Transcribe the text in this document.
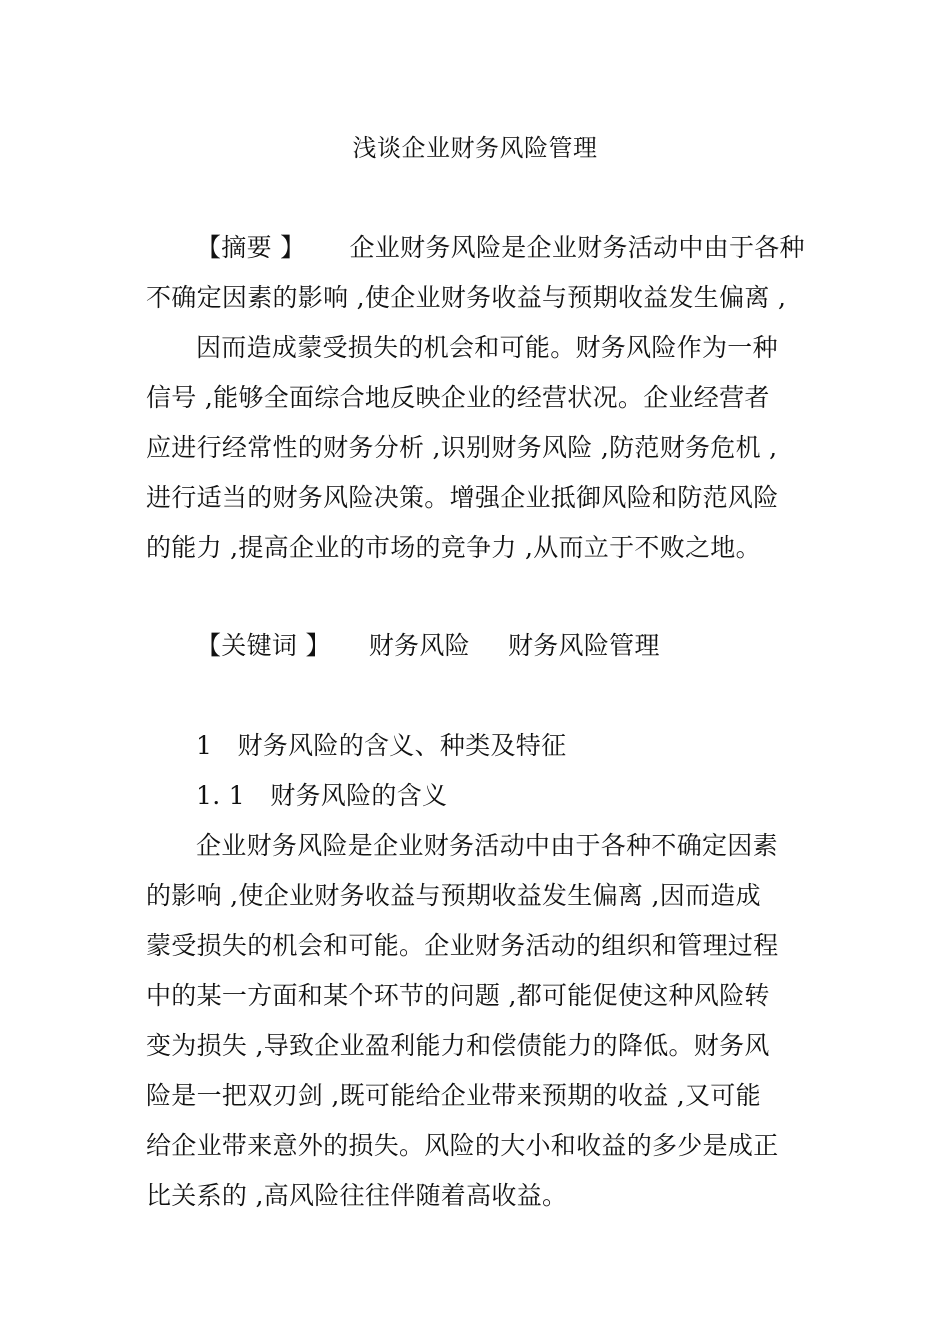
浅谈企业财务风险管理
【摘要 】 企业财务风险是企业财务活动中由于各种
不确定因素的影响 ,使企业财务收益与预期收益发生偏离 ,
因而造成蒙受损失的机会和可能。财务风险作为一种
信号 ,能够全面综合地反映企业的经营状况。企业经营者
应进行经常性的财务分析 ,识别财务风险 ,防范财务危机 ,
进行适当的财务风险决策。增强企业抵御风险和防范风险
的能力 ,提高企业的市场的竞争力 ,从而立于不败之地。
【关键词 】 财务风险 财务风险管理
1　财务风险的含义、种类及特征
1. 1　财务风险的含义
企业财务风险是企业财务活动中由于各种不确定因素
的影响 ,使企业财务收益与预期收益发生偏离 ,因而造成
蒙受损失的机会和可能。企业财务活动的组织和管理过程
中的某一方面和某个环节的问题 ,都可能促使这种风险转
变为损失 ,导致企业盈利能力和偿债能力的降低。财务风
险是一把双刃剑 ,既可能给企业带来预期的收益 ,又可能
给企业带来意外的损失。风险的大小和收益的多少是成正
比关系的 ,高风险往往伴随着高收益。
